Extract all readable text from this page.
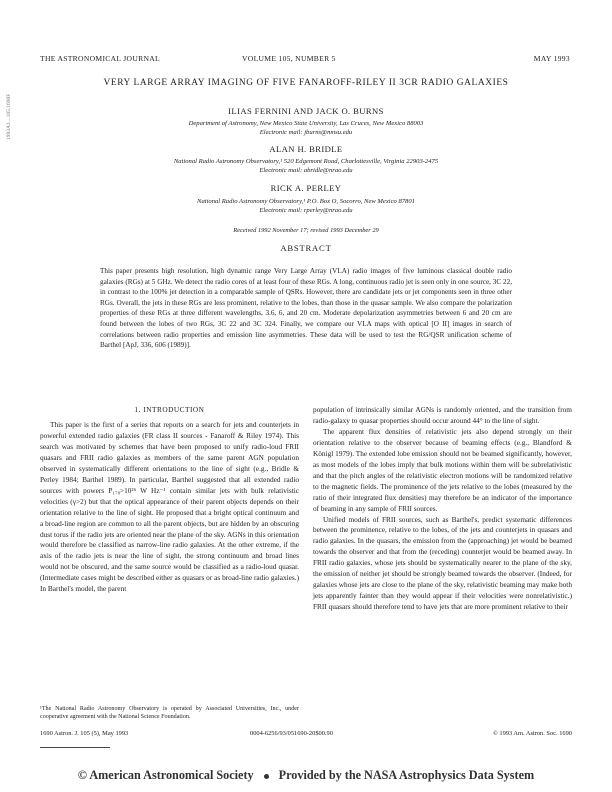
1993AJ....105.1690F
THE ASTRONOMICAL JOURNAL	VOLUME 105, NUMBER 5	MAY 1993
VERY LARGE ARRAY IMAGING OF FIVE FANAROFF-RILEY II 3CR RADIO GALAXIES
ILIAS FERNINI AND JACK O. BURNS
Department of Astronomy, New Mexico State University, Las Cruces, New Mexico 88003
Electronic mail: jburns@nmsu.edu
ALAN H. BRIDLE
National Radio Astronomy Observatory,¹ 520 Edgemont Road, Charlottesville, Virginia 22903-2475
Electronic mail: abridle@nrao.edu
RICK A. PERLEY
National Radio Astronomy Observatory,¹ P.O. Box O, Socorro, New Mexico 87801
Electronic mail: rperley@nrao.edu
Received 1992 November 17; revised 1993 December 29
ABSTRACT
This paper presents high resolution, high dynamic range Very Large Array (VLA) radio images of five luminous classical double radio galaxies (RGs) at 5 GHz. We detect the radio cores of at least four of these RGs. A long, continuous radio jet is seen only in one source, 3C 22, in contrast to the 100% jet detection in a comparable sample of QSRs. However, there are candidate jets or jet components seen in three other RGs. Overall, the jets in these RGs are less prominent, relative to the lobes, than those in the quasar sample. We also compare the polarization properties of these RGs at three different wavelengths, 3.6, 6, and 20 cm. Moderate depolarization asymmetries between 6 and 20 cm are found between the lobes of two RGs, 3C 22 and 3C 324. Finally, we compare our VLA maps with optical [O II] images in search of correlations between radio properties and emission line asymmetries. These data will be used to test the RG/QSR unification scheme of Barthel [ApJ, 336, 606 (1989)].
1. INTRODUCTION

This paper is the first of a series that reports on a search for jets and counterjets in powerful extended radio galaxies (FR class II sources - Fanaroff & Riley 1974). This search was motivated by schemes that have been proposed to unify radio-loud FRII quasars and FRII radio galaxies as members of the same parent AGN population observed in systematically different orientations to the line of sight (e.g., Bridle & Perley 1984; Barthel 1989). In particular, Barthel suggested that all extended radio sources with powers P₁₇₈>10²⁶ W Hz⁻¹ contain similar jets with bulk relativistic velocities (γ>2) but that the optical appearance of their parent objects depends on their orientation relative to the line of sight. He proposed that a bright optical continuum and a broad-line region are common to all the parent objects, but are hidden by an obscuring dust torus if the radio jets are oriented near the plane of the sky. AGNs in this orientation would therefore be classified as narrow-line radio galaxies. At the other extreme, if the axis of the radio jets is near the line of sight, the strong continuum and broad lines would not be obscured, and the same source would be classified as a radio-loud quasar. (Intermediate cases might be described either as quasars or as broad-line radio galaxies.) In Barthel's model, the parent

population of intrinsically similar AGNs is randomly oriented, and the transition from radio-galaxy to quasar properties should occur around 44° to the line of sight.

The apparent flux densities of relativistic jets also depend strongly on their orientation relative to the observer because of beaming effects (e.g., Blandford & Königl 1979). The extended lobe emission should not be beamed significantly, however, as most models of the lobes imply that bulk motions within them will be subrelativistic and that the pitch angles of the relativistic electron motions will be randomized relative to the magnetic fields. The prominence of the jets relative to the lobes (measured by the ratio of their integrated flux densities) may therefore be an indicator of the importance of beaming in any sample of FRII sources.

Unified models of FRII sources, such as Barthel's, predict systematic differences between the prominence, relative to the lobes, of the jets and counterjets in quasars and radio galaxies. In the quasars, the emission from the (approaching) jet would be beamed towards the observer and that from the (receding) counterjet would be beamed away. In FRII radio galaxies, whose jets should be systematically nearer to the plane of the sky, the emission of neither jet should be strongly beamed towards the observer. (Indeed, for galaxies whose jets are close to the plane of the sky, relativistic beaming may make both jets apparently fainter than they would appear if their velocities were nonrelativistic.) FRII quasars should therefore tend to have jets that are more prominent relative to their

¹The National Radio Astronomy Observatory is operated by Associated Universities, Inc., under cooperative agreement with the National Science Foundation.
1690 Astron. J. 105 (5), May 1993	0004-6256/93/051690-20$00.90	© 1993 Am. Astron. Soc. 1690
© American Astronomical Society Provided by the NASA Astrophysics Data System
